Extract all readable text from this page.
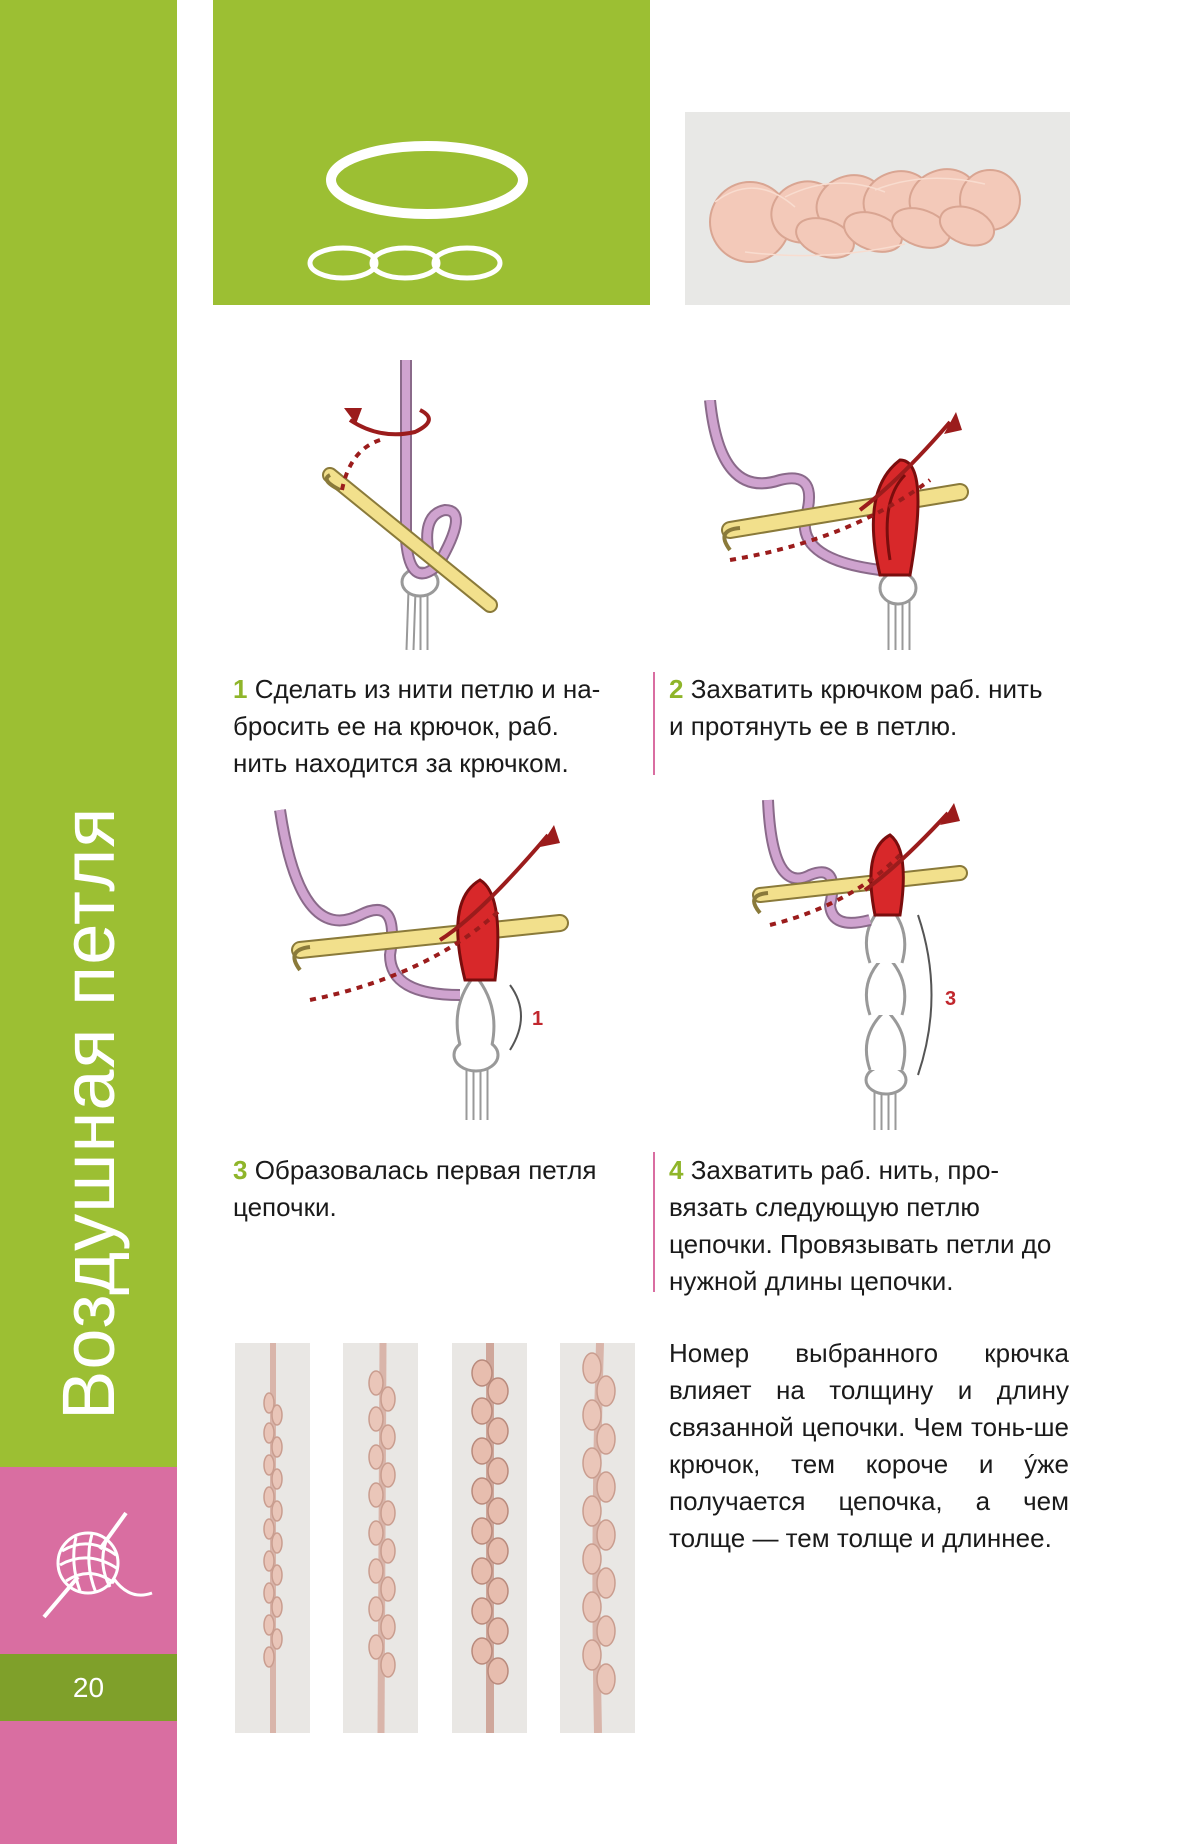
Воздушная петля
20
1 Сделать из нити петлю и на-
бросить ее на крючок, раб.
нить находится за крючком.
2 Захватить крючком раб. нить
и протянуть ее в петлю.
1
3
3 Образовалась первая петля
цепочки.
4 Захватить раб. нить, про-
вязать следующую петлю
цепочки. Провязывать петли до
нужной длины цепочки.
Номер выбранного крючка влияет на толщину и длину связанной цепочки. Чем тонь-ше крючок, тем короче и ýже получается цепочка, а чем толще — тем толще и длиннее.
